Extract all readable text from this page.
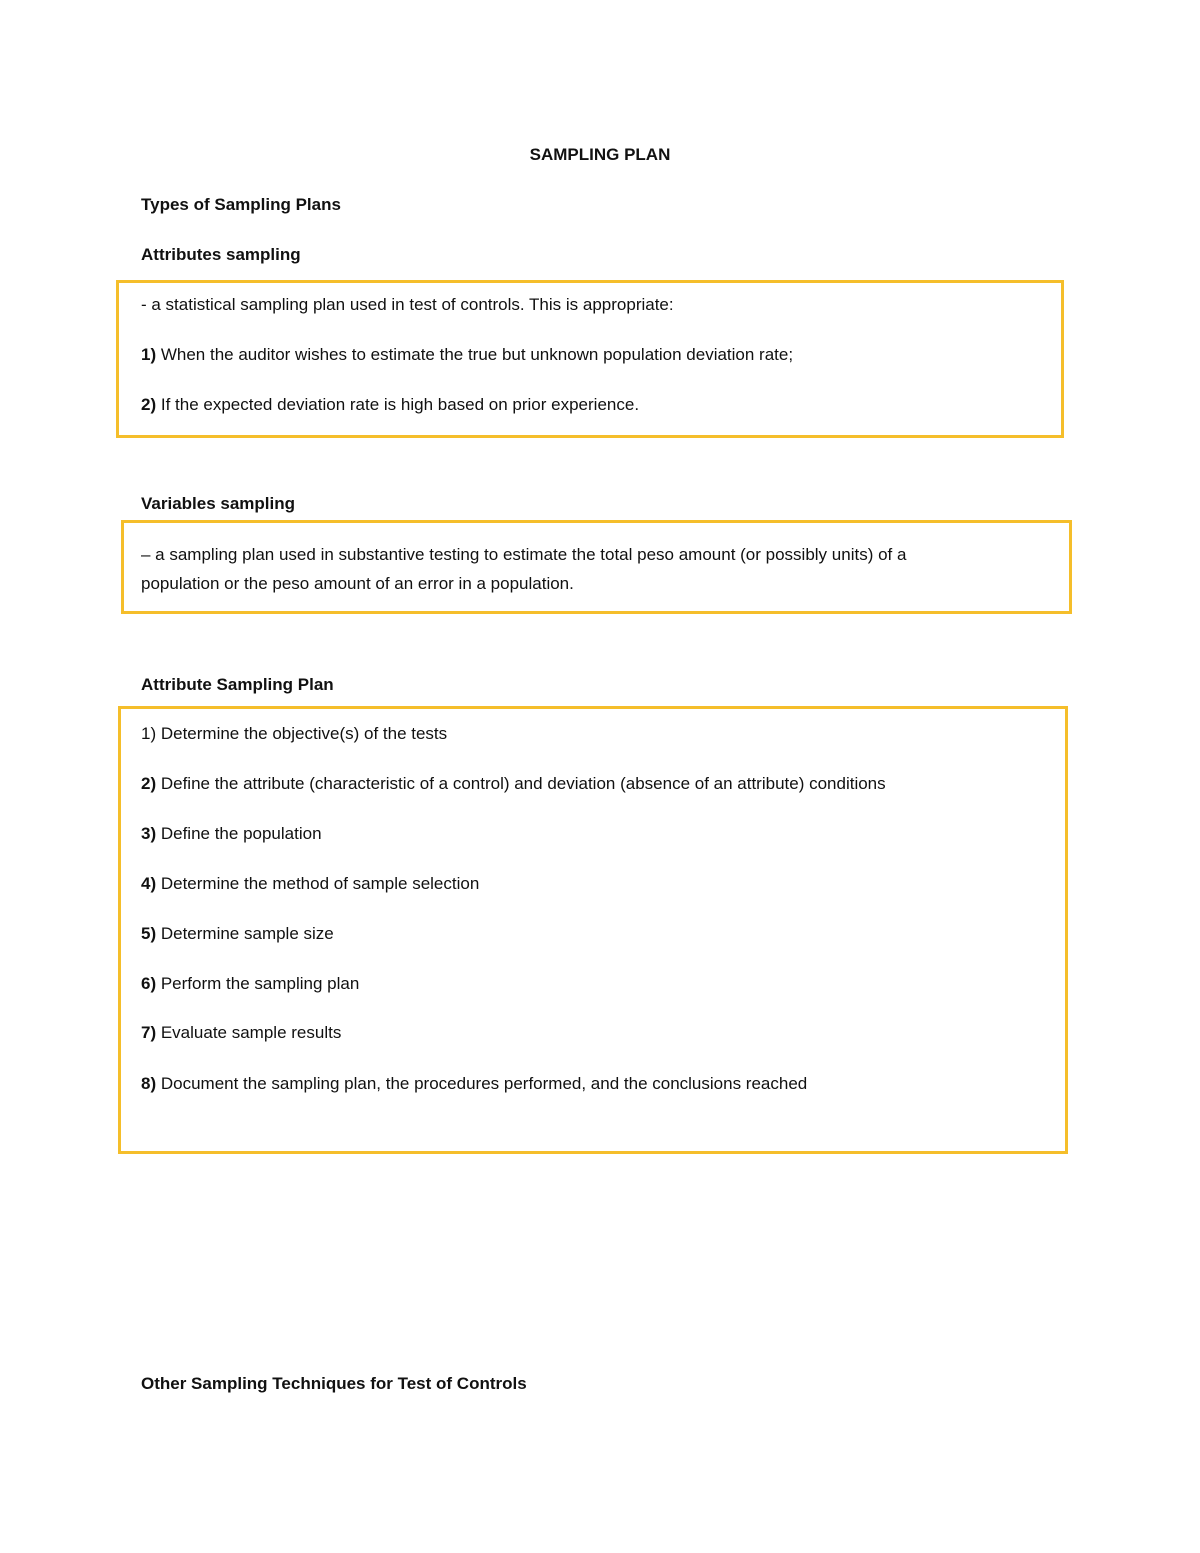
SAMPLING PLAN
Types of Sampling Plans
Attributes sampling
- a statistical sampling plan used in test of controls. This is appropriate:
1) When the auditor wishes to estimate the true but unknown population deviation rate;
2) If the expected deviation rate is high based on prior experience.
Variables sampling
– a sampling plan used in substantive testing to estimate the total peso amount (or possibly units) of a
population or the peso amount of an error in a population.
Attribute Sampling Plan
1) Determine the objective(s) of the tests
2) Define the attribute (characteristic of a control) and deviation (absence of an attribute) conditions
3) Define the population
4) Determine the method of sample selection
5) Determine sample size
6) Perform the sampling plan
7) Evaluate sample results
8) Document the sampling plan, the procedures performed, and the conclusions reached
Other Sampling Techniques for Test of Controls
